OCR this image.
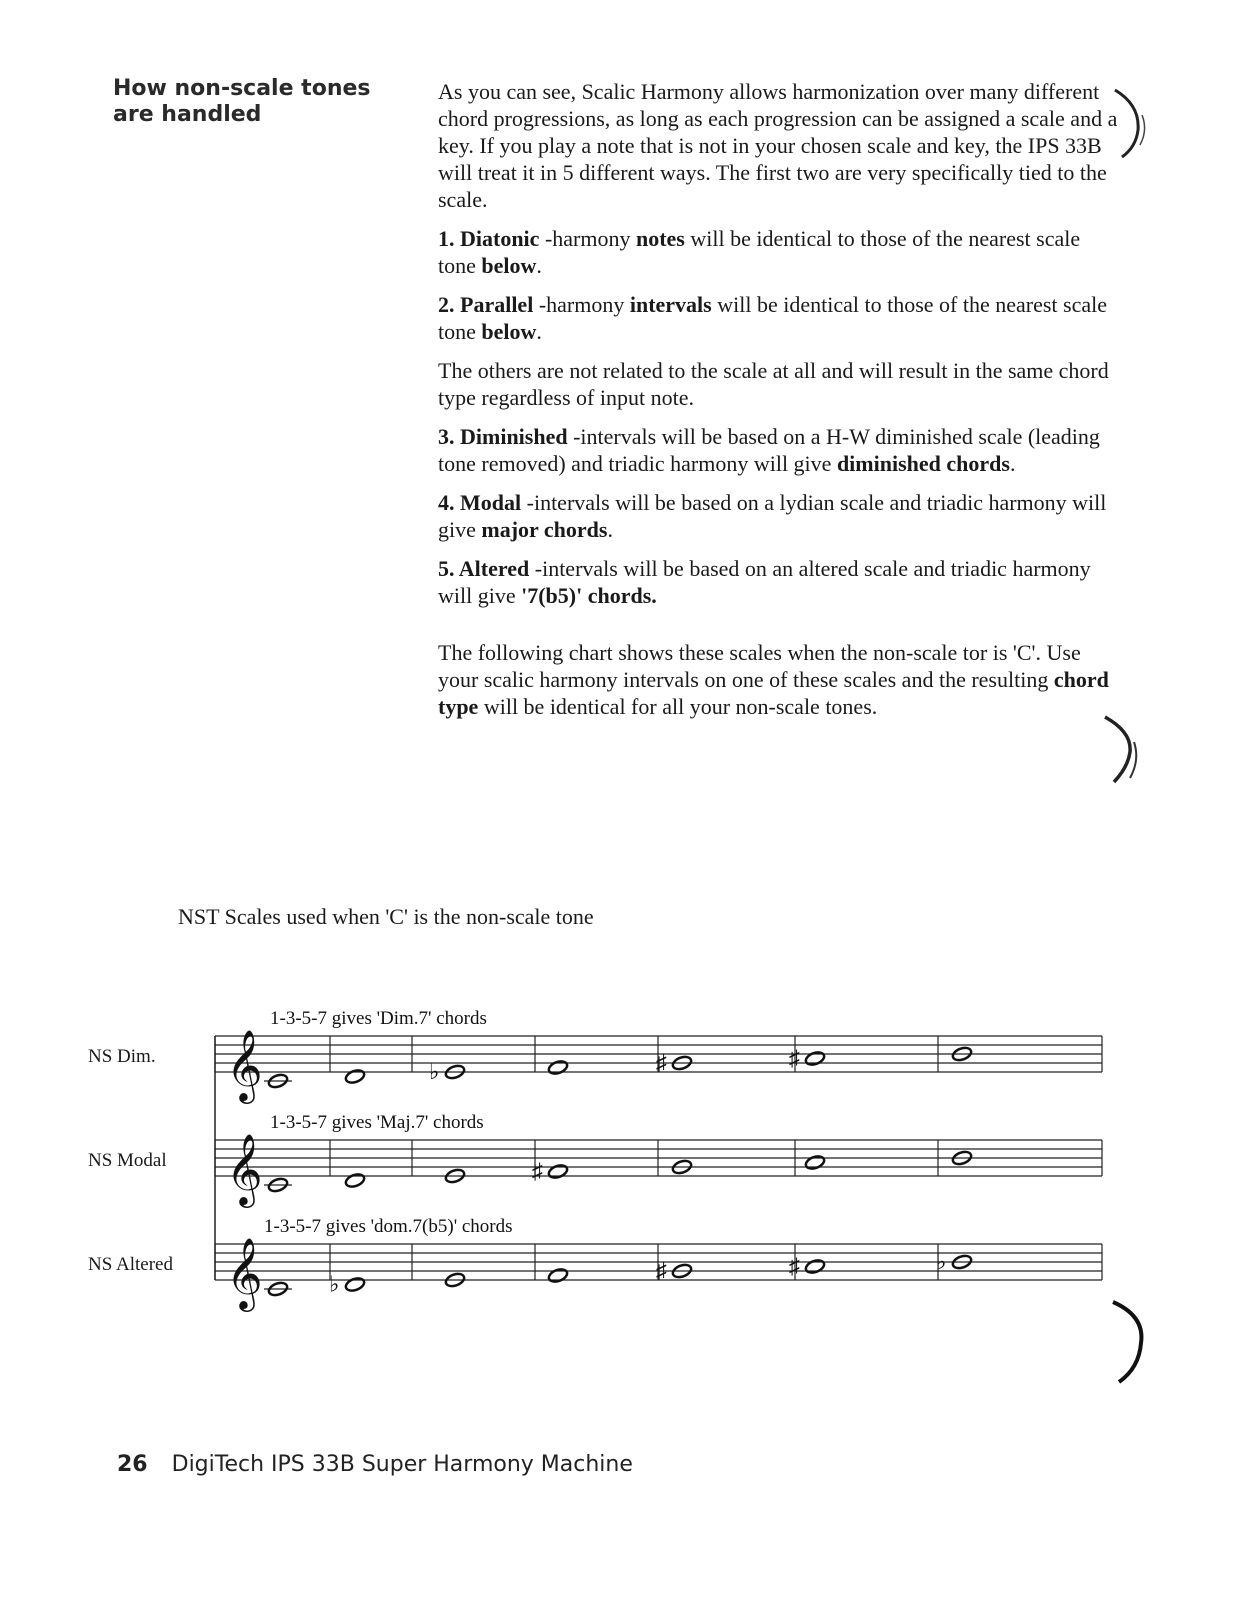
How non-scale tones are handled

As you can see, Scalic Harmony allows harmonization over many different chord progressions, as long as each progression can be assigned a scale and a key. If you play a note that is not in your chosen scale and key, the IPS 33B will treat it in 5 different ways. The first two are very specifically tied to the scale.

1. Diatonic -harmony notes will be identical to those of the nearest scale tone below.

2. Parallel -harmony intervals will be identical to those of the nearest scale tone below.

The others are not related to the scale at all and will result in the same chord type regardless of input note.

3. Diminished -intervals will be based on a H-W diminished scale (leading tone removed) and triadic harmony will give diminished chords.

4. Modal -intervals will be based on a lydian scale and triadic harmony will give major chords.

5. Altered -intervals will be based on an altered scale and triadic harmony will give '7(b5)' chords.

The following chart shows these scales when the non-scale tor is 'C'. Use your scalic harmony intervals on one of these scales and the resulting chord type will be identical for all your non-scale tones.

NST Scales used when 'C' is the non-scale tone
NS Dim.
NS Modal
NS Altered
𝄞
1-3-5-7 gives 'Dim.7' chords
♭	♯	♯
𝄞
1-3-5-7 gives 'Maj.7' chords
♯
𝄞
1-3-5-7 gives 'dom.7(b5)' chords
♭
♯	♯	♭
26 DigiTech IPS 33B Super Harmony Machine
